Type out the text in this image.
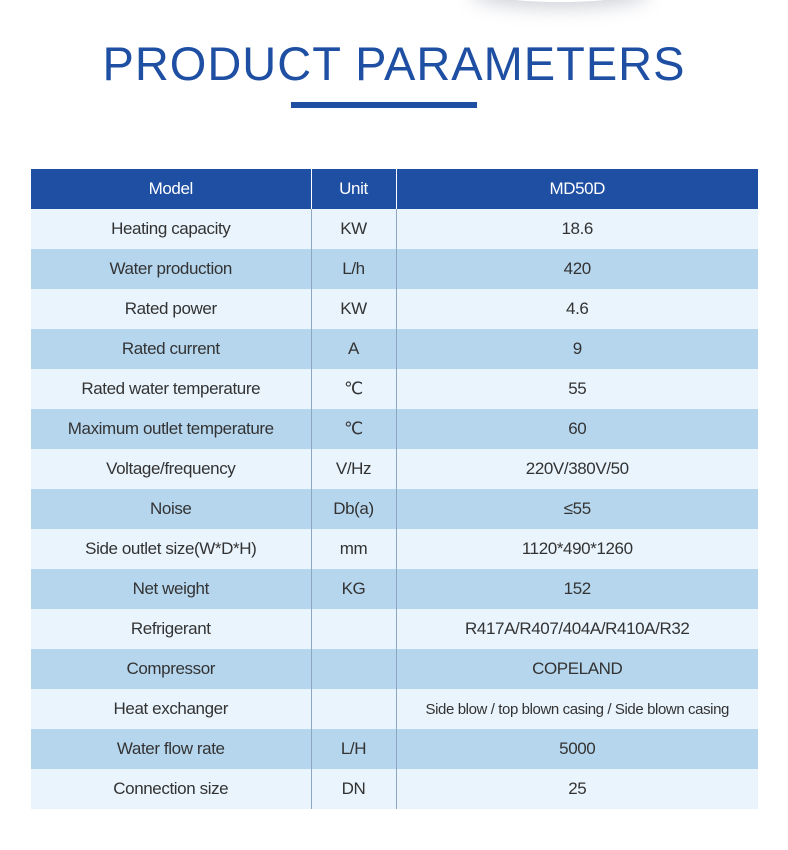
PRODUCT PARAMETERS
Model	Unit	MD50D
Heating capacity	KW	18.6
Water production	L/h	420
Rated power	KW	4.6
Rated current	A	9
Rated water temperature	℃	55
Maximum outlet temperature	℃	60
Voltage/frequency	V/Hz	220V/380V/50
Noise	Db(a)	≤55
Side outlet size(W*D*H)	mm	1120*490*1260
Net weight	KG	152
Refrigerant		R417A/R407/404A/R410A/R32
Compressor		COPELAND
Heat exchanger		Side blow / top blown casing / Side blown casing
Water flow rate	L/H	5000
Connection size	DN	25
